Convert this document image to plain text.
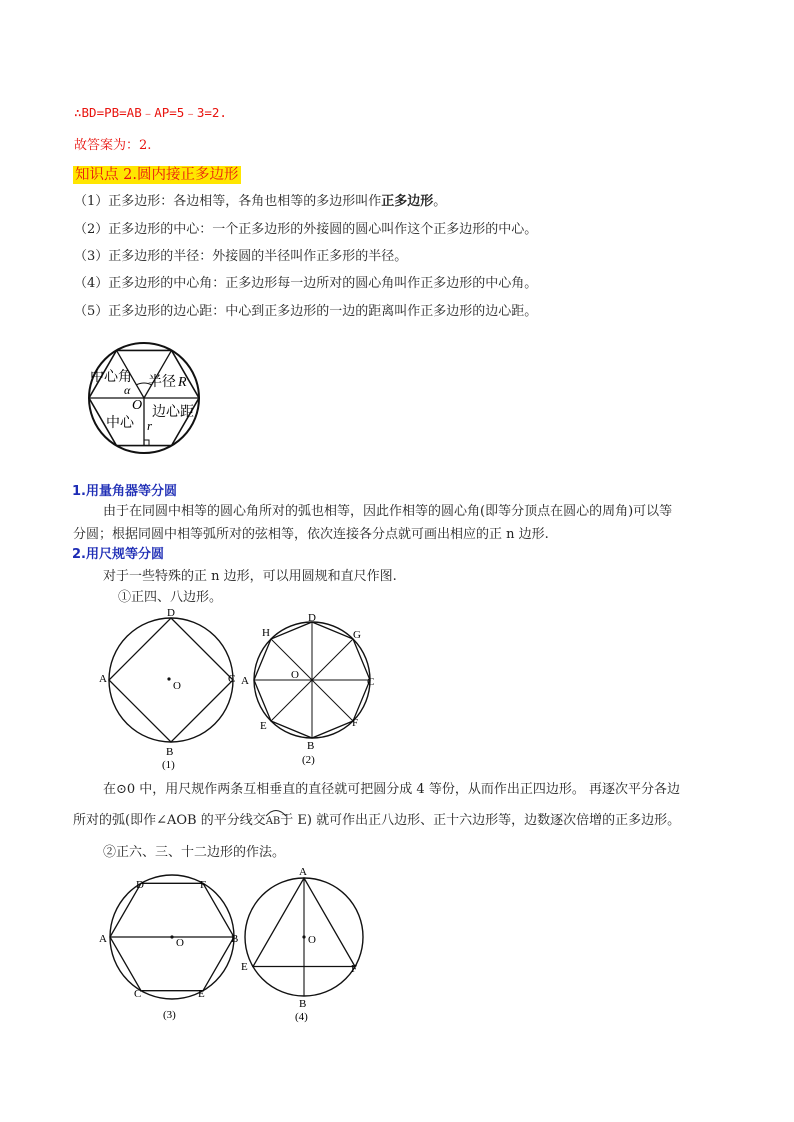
∴BD=PB=AB﹣AP=5﹣3=2.
故答案为：2.
知识点 2.圆内接正多边形
（1）正多边形：各边相等，各角也相等的多边形叫作正多边形。
（2）正多边形的中心：一个正多边形的外接圆的圆心叫作这个正多边形的中心。
（3）正多边形的半径：外接圆的半径叫作正多形的半径。
（4）正多边形的中心角：正多边形每一边所对的圆心角叫作正多边形的中心角。
（5）正多边形的边心距：中心到正多边形的一边的距离叫作正多边形的边心距。
中心角 半径 R
α
O
中心
边心距
r
1.用量角器等分圆
由于在同圆中相等的圆心角所对的弧也相等，因此作相等的圆心角(即等分顶点在圆心的周角)可以等
分圆；根据同圆中相等弧所对的弦相等，依次连接各分点就可画出相应的正 n 边形.
2.用尺规等分圆
对于一些特殊的正 n 边形，可以用圆规和直尺作图.
①正四、八边形。
D
A	C
O
B
(1)
D
H	G
A	O
C
E	F
B
(2)
在⊙0 中，用尺规作两条互相垂直的直径就可把圆分成 4 等份，从而作出正四边形。 再逐次平分各边
所对的弧(即作∠AOB 的平分线交
AB于 E) 就可作出正八边形、正十六边形等，边数逐次倍增的正多边形。
②正六、三、十二边形的作法。
D	F
A	O	B
C	E
(3)
A
O
E	F
B
(4)
